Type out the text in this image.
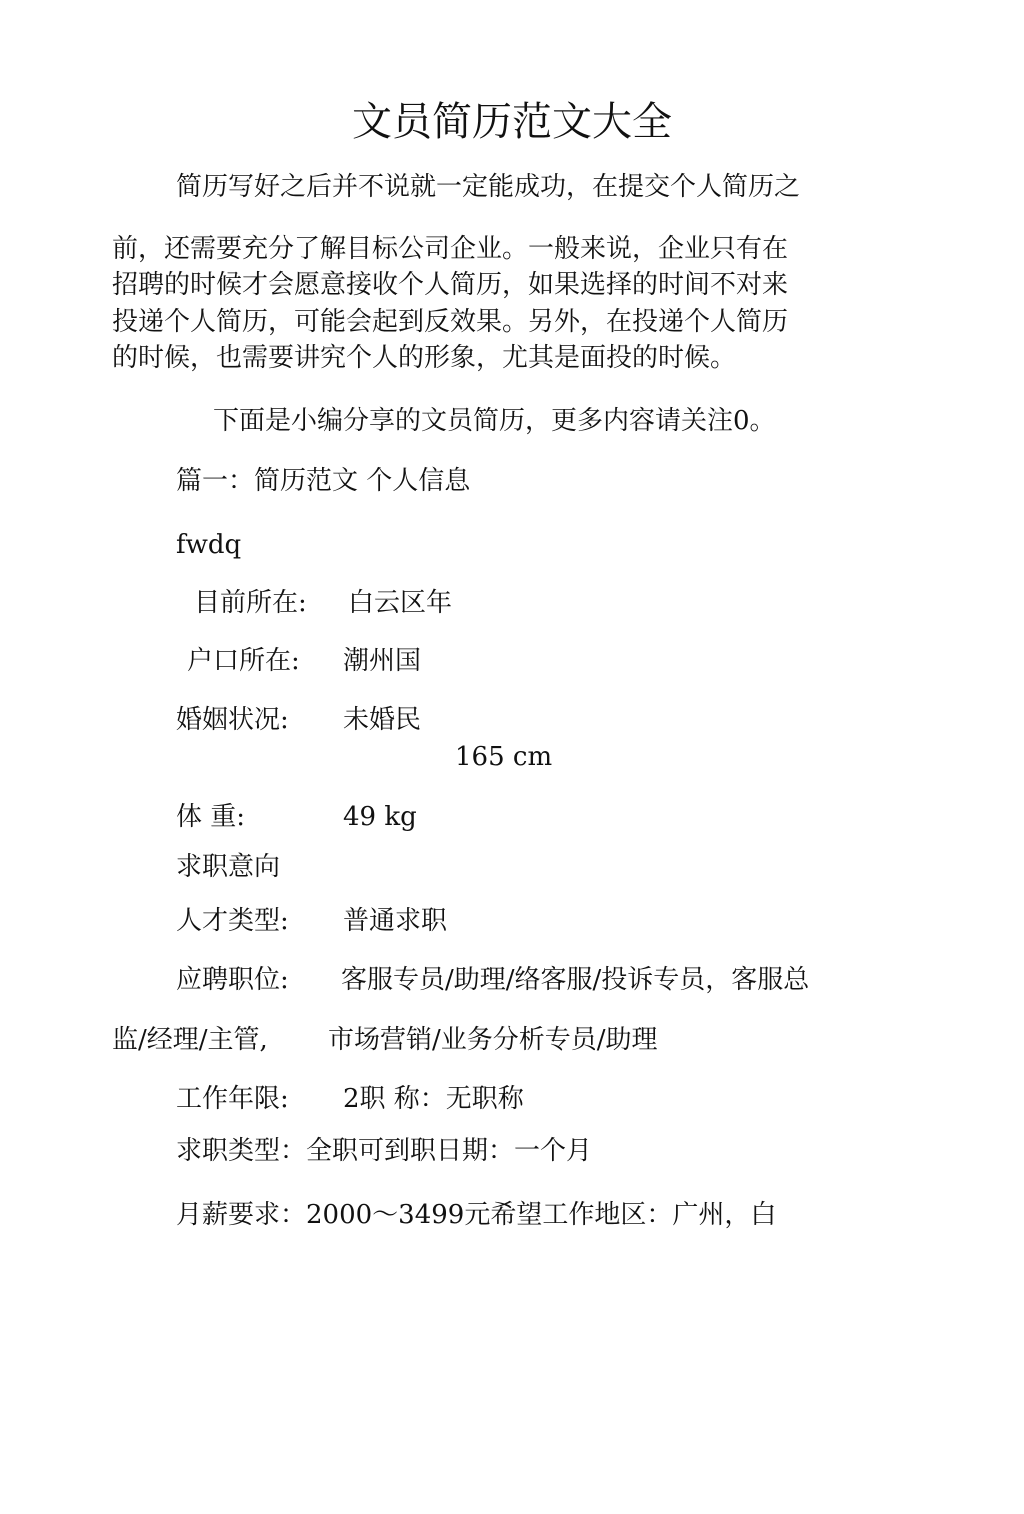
文员简历范文大全
简历写好之后并不说就一定能成功，在提交个人简历之
前，还需要充分了解目标公司企业。一般来说，企业只有在
招聘的时候才会愿意接收个人简历，如果选择的时间不对来
投递个人简历，可能会起到反效果。另外，在投递个人简历
的时候，也需要讲究个人的形象，尤其是面投的时候。
下面是小编分享的文员简历，更多内容请关注0。
篇一：简历范文 个人信息
fwdq
目前所在: 白云区年
户口所在: 潮州国
婚姻状况: 未婚民
165 cm
体 重:	49 kg
求职意向
人才类型: 普通求职
应聘职位: 客服专员/助理/络客服/投诉专员，客服总
监/经理/主管, 市场营销/业务分析专员/助理
工作年限: 2职 称：无职称
求职类型：全职可到职日期：一个月
月薪要求：2000～3499元希望工作地区：广州，白
